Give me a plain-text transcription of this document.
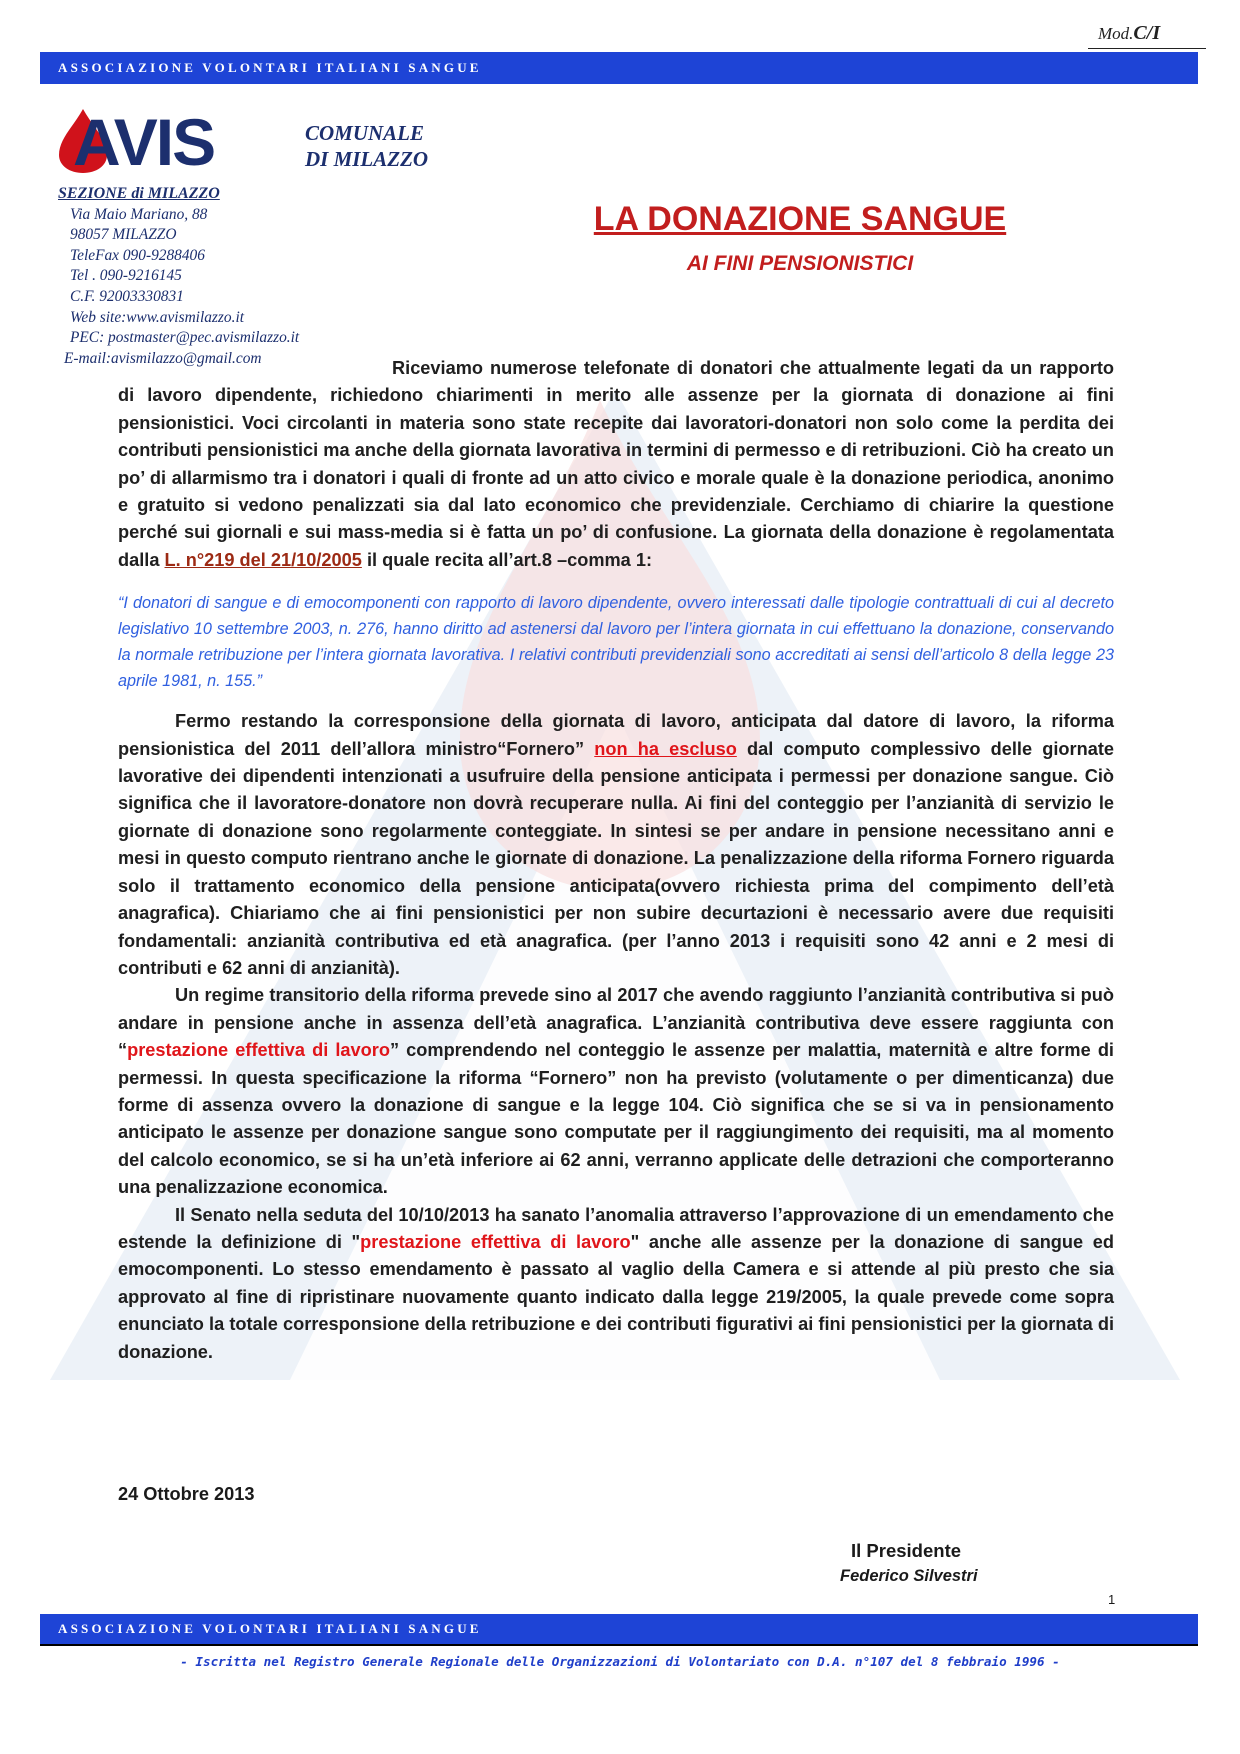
Mod.C/I
ASSOCIAZIONE VOLONTARI ITALIANI SANGUE
AVIS	COMUNALE
DI MILAZZO
SEZIONE di MILAZZO
Via Maio Mariano, 88
98057 MILAZZO
TeleFax 090-9288406
Tel . 090-9216145
C.F. 92003330831
Web site:www.avismilazzo.it
PEC: postmaster@pec.avismilazzo.it
E-mail:avismilazzo@gmail.com
LA DONAZIONE SANGUE
AI FINI PENSIONISTICI

Riceviamo numerose telefonate di donatori che attualmente legati da un rapporto di lavoro dipendente, richiedono chiarimenti in merito alle assenze per la giornata di donazione ai fini pensionistici. Voci circolanti in materia sono state recepite dai lavoratori-donatori non solo come la perdita dei contributi pensionistici ma anche della giornata lavorativa in termini di permesso e di retribuzioni. Ciò ha creato un po’ di allarmismo tra i donatori i quali di fronte ad un atto civico e morale quale è la donazione periodica, anonimo e gratuito si vedono penalizzati sia dal lato economico che previdenziale. Cerchiamo di chiarire la questione perché sui giornali e sui mass-media si è fatta un po’ di confusione. La giornata della donazione è regolamentata dalla L. n°219 del 21/10/2005 il quale recita all’art.8 –comma 1:

“I donatori di sangue e di emocomponenti con rapporto di lavoro dipendente, ovvero interessati dalle tipologie contrattuali di cui al decreto legislativo 10 settembre 2003, n. 276, hanno diritto ad astenersi dal lavoro per l’intera giornata in cui effettuano la donazione, conservando la normale retribuzione per l’intera giornata lavorativa. I relativi contributi previdenziali sono accreditati ai sensi dell’articolo 8 della legge 23 aprile 1981, n. 155.”

Fermo restando la corresponsione della giornata di lavoro, anticipata dal datore di lavoro, la riforma pensionistica del 2011 dell’allora ministro“Fornero” non ha escluso dal computo complessivo delle giornate lavorative dei dipendenti intenzionati a usufruire della pensione anticipata i permessi per donazione sangue. Ciò significa che il lavoratore-donatore non dovrà recuperare nulla. Ai fini del conteggio per l’anzianità di servizio le giornate di donazione sono regolarmente conteggiate. In sintesi se per andare in pensione necessitano anni e mesi in questo computo rientrano anche le giornate di donazione. La penalizzazione della riforma Fornero riguarda solo il trattamento economico della pensione anticipata(ovvero richiesta prima del compimento dell’età anagrafica). Chiariamo che ai fini pensionistici per non subire decurtazioni è necessario avere due requisiti fondamentali: anzianità contributiva ed età anagrafica. (per l’anno 2013 i requisiti sono 42 anni e 2 mesi di contributi e 62 anni di anzianità).

Un regime transitorio della riforma prevede sino al 2017 che avendo raggiunto l’anzianità contributiva si può andare in pensione anche in assenza dell’età anagrafica. L’anzianità contributiva deve essere raggiunta con “prestazione effettiva di lavoro” comprendendo nel conteggio le assenze per malattia, maternità e altre forme di permessi. In questa specificazione la riforma “Fornero” non ha previsto (volutamente o per dimenticanza) due forme di assenza ovvero la donazione di sangue e la legge 104. Ciò significa che se si va in pensionamento anticipato le assenze per donazione sangue sono computate per il raggiungimento dei requisiti, ma al momento del calcolo economico, se si ha un’età inferiore ai 62 anni, verranno applicate delle detrazioni che comporteranno una penalizzazione economica.

Il Senato nella seduta del 10/10/2013 ha sanato l’anomalia attraverso l’approvazione di un emendamento che estende la definizione di "prestazione effettiva di lavoro" anche alle assenze per la donazione di sangue ed emocomponenti. Lo stesso emendamento è passato al vaglio della Camera e si attende al più presto che sia approvato al fine di ripristinare nuovamente quanto indicato dalla legge 219/2005, la quale prevede come sopra enunciato la totale corresponsione della retribuzione e dei contributi figurativi ai fini pensionistici per la giornata di donazione.

24 Ottobre 2013
Il Presidente
Federico Silvestri
1
ASSOCIAZIONE VOLONTARI ITALIANI SANGUE
- Iscritta nel Registro Generale Regionale delle Organizzazioni di Volontariato con D.A. n°107 del 8 febbraio 1996 -
